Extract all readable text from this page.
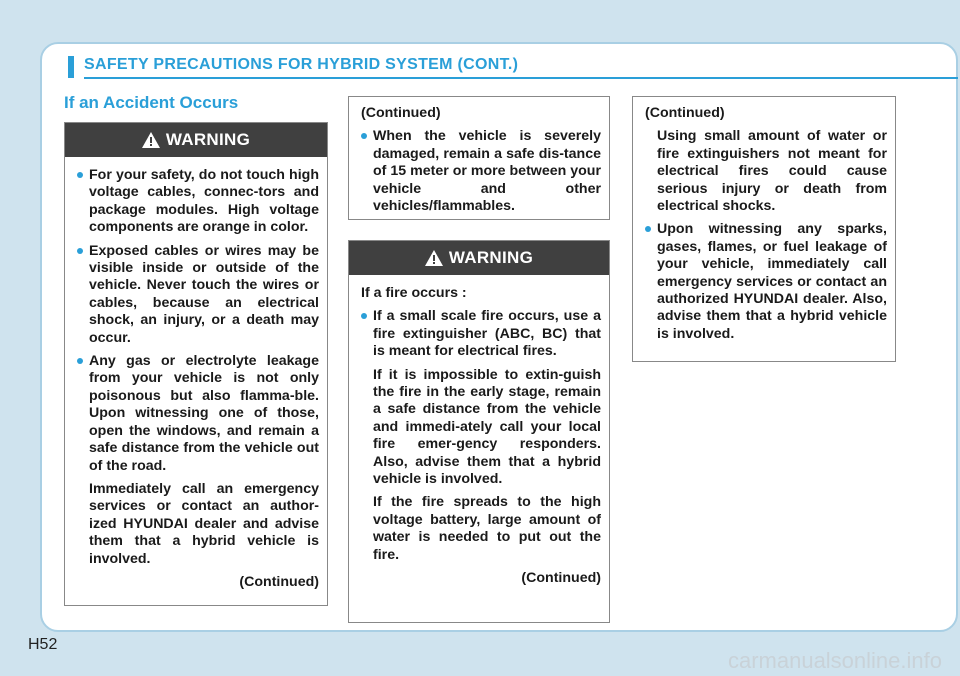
SAFETY PRECAUTIONS FOR HYBRID SYSTEM (CONT.)
If an Accident Occurs
WARNING
For your safety, do not touch high voltage cables, connec-tors and package modules. High voltage components are orange in color.
Exposed cables or wires may be visible inside or outside of the vehicle. Never touch the wires or cables, because an electrical shock, an injury, or a death may occur.
Any gas or electrolyte leakage from your vehicle is not only poisonous but also flamma-ble. Upon witnessing one of those, open the windows, and remain a safe distance from the vehicle out of the road.
Immediately call an emergency services or contact an author-ized HYUNDAI dealer and advise them that a hybrid vehicle is involved.
(Continued)
(Continued)
When the vehicle is severely damaged, remain a safe dis-tance of 15 meter or more between your vehicle and other vehicles/flammables.
WARNING
If a fire occurs :
If a small scale fire occurs, use a fire extinguisher (ABC, BC) that is meant for electrical fires.
If it is impossible to extin-guish the fire in the early stage, remain a safe distance from the vehicle and immedi-ately call your local fire emer-gency responders. Also, advise them that a hybrid vehicle is involved.
If the fire spreads to the high voltage battery, large amount of water is needed to put out the fire.
(Continued)
(Continued)
Using small amount of water or fire extinguishers not meant for electrical fires could cause serious injury or death from electrical shocks.
Upon witnessing any sparks, gases, flames, or fuel leakage of your vehicle, immediately call emergency services or contact an authorized HYUNDAI dealer. Also, advise them that a hybrid vehicle is involved.
H52
carmanualsonline.info
